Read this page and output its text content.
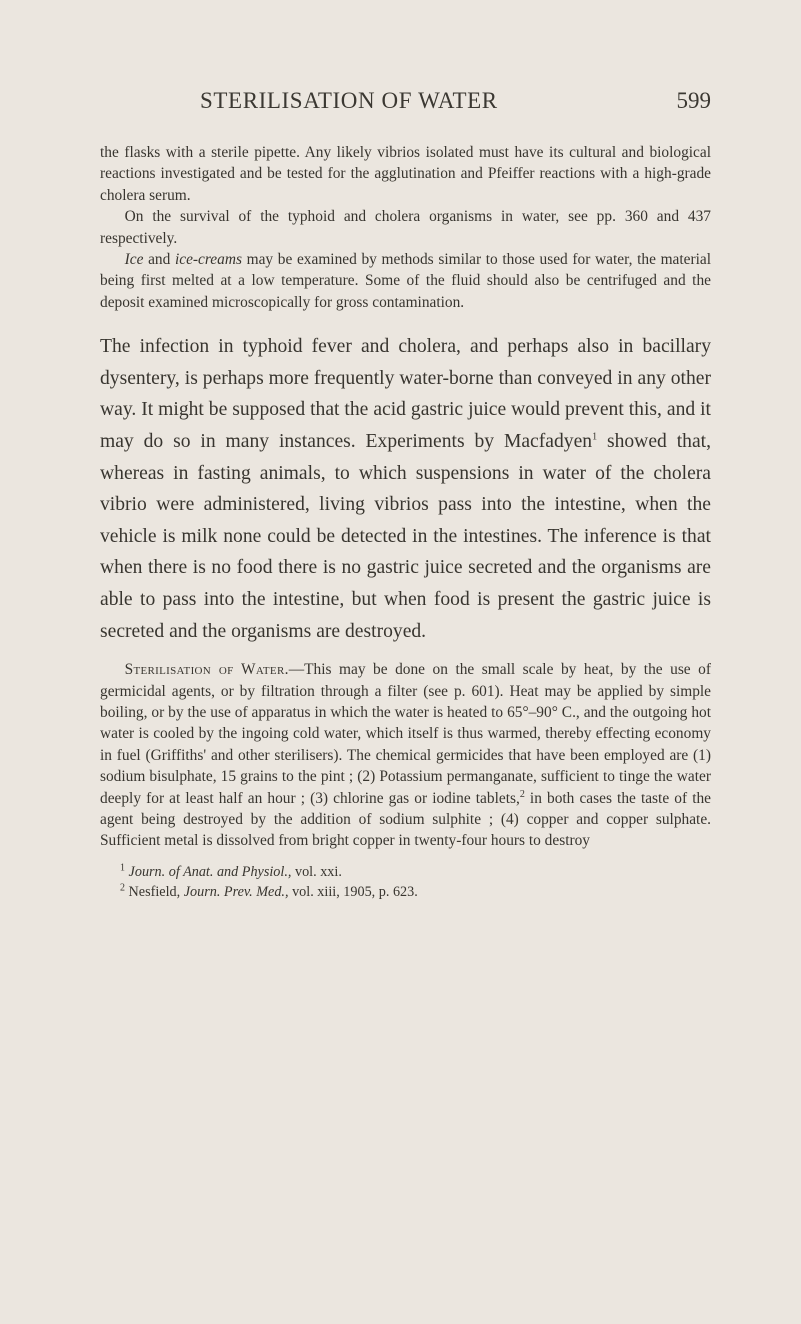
STERILISATION OF WATER	599

the flasks with a sterile pipette. Any likely vibrios isolated must have its cultural and biological reactions investigated and be tested for the agglutination and Pfeiffer reactions with a high-grade cholera serum.

On the survival of the typhoid and cholera organisms in water, see pp. 360 and 437 respectively.

Ice and ice-creams may be examined by methods similar to those used for water, the material being first melted at a low temperature. Some of the fluid should also be centrifuged and the deposit examined microscopically for gross contamination.

The infection in typhoid fever and cholera, and perhaps also in bacillary dysentery, is perhaps more frequently water-borne than conveyed in any other way. It might be supposed that the acid gastric juice would prevent this, and it may do so in many instances. Experiments by Macfadyen$^1$ showed that, whereas in fasting animals, to which suspensions in water of the cholera vibrio were administered, living vibrios pass into the intestine, when the vehicle is milk none could be detected in the intestines. The inference is that when there is no food there is no gastric juice secreted and the organisms are able to pass into the intestine, but when food is present the gastric juice is secreted and the organisms are destroyed.

Sterilisation of Water.—This may be done on the small scale by heat, by the use of germicidal agents, or by filtration through a filter (see p. 601). Heat may be applied by simple boiling, or by the use of apparatus in which the water is heated to 65°–90° C., and the outgoing hot water is cooled by the ingoing cold water, which itself is thus warmed, thereby effecting economy in fuel (Griffiths' and other sterilisers). The chemical germicides that have been employed are (1) sodium bisulphate, 15 grains to the pint ; (2) Potassium permanganate, sufficient to tinge the water deeply for at least half an hour ; (3) chlorine gas or iodine tablets,$^2$ in both cases the taste of the agent being destroyed by the addition of sodium sulphite ; (4) copper and copper sulphate. Sufficient metal is dissolved from bright copper in twenty-four hours to destroy

$^1$ Journ. of Anat. and Physiol., vol. xxi.

$^2$ Nesfield, Journ. Prev. Med., vol. xiii, 1905, p. 623.
